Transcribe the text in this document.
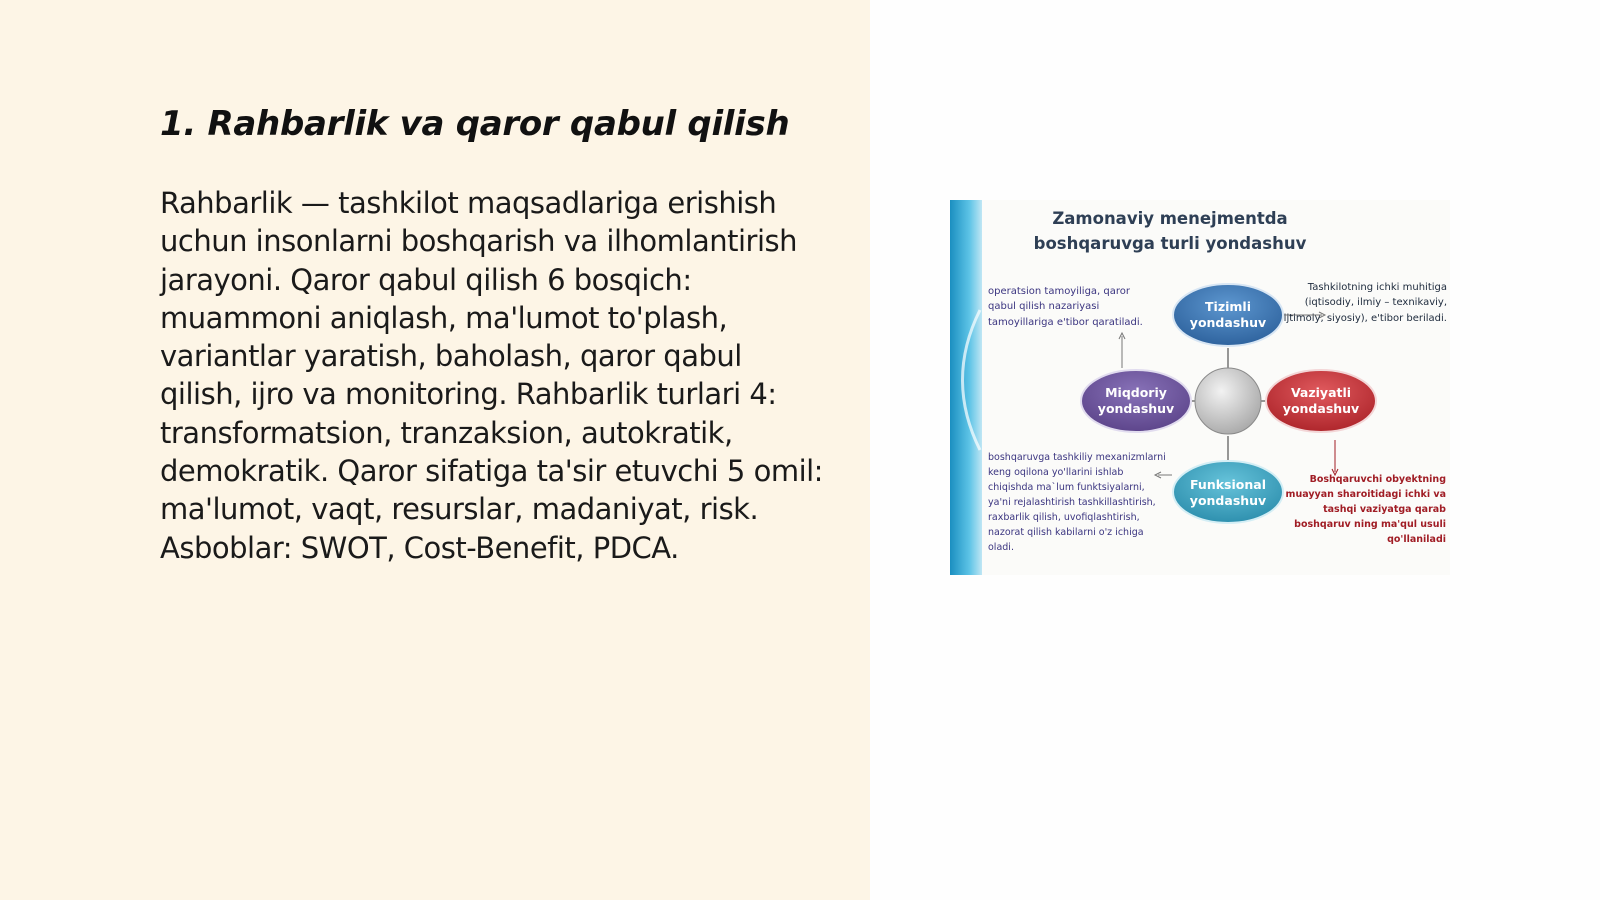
1. Rahbarlik va qaror qabul qilish

Rahbarlik — tashkilot maqsadlariga erishish uchun insonlarni boshqarish va ilhomlantirish jarayoni. Qaror qabul qilish 6 bosqich: muammoni aniqlash, ma'lumot to'plash, variantlar yaratish, baholash, qaror qabul qilish, ijro va monitoring. Rahbarlik turlari 4: transformatsion, tranzaksion, autokratik, demokratik. Qaror sifatiga ta'sir etuvchi 5 omil: ma'lumot, vaqt, resurslar, madaniyat, risk. Asboblar: SWOT, Cost-Benefit, PDCA.

Zamonaviy menejmentda boshqaruvga turli yondashuv
Tizimli yondashuv
Miqdoriy yondashuv
Vaziyatli yondashuv
Funksional yondashuv
operatsion tamoyiliga, qaror qabul qilish nazariyasi tamoyillariga e'tibor qaratiladi.
Tashkilotning ichki muhitiga (iqtisodiy, ilmiy – texnikaviy, ijtimoiy, siyosiy), e'tibor beriladi.
boshqaruvga tashkiliy mexanizmlarni keng oqilona yo'llarini ishlab chiqishda ma`lum funktsiyalarni, ya'ni rejalashtirish tashkillashtirish, raxbarlik qilish, uvofiqlashtirish, nazorat qilish kabilarni o'z ichiga oladi.
Boshqaruvchi obyektning muayyan sharoitidagi ichki va tashqi vaziyatga qarab boshqaruv ning ma'qul usuli qo'llaniladi
